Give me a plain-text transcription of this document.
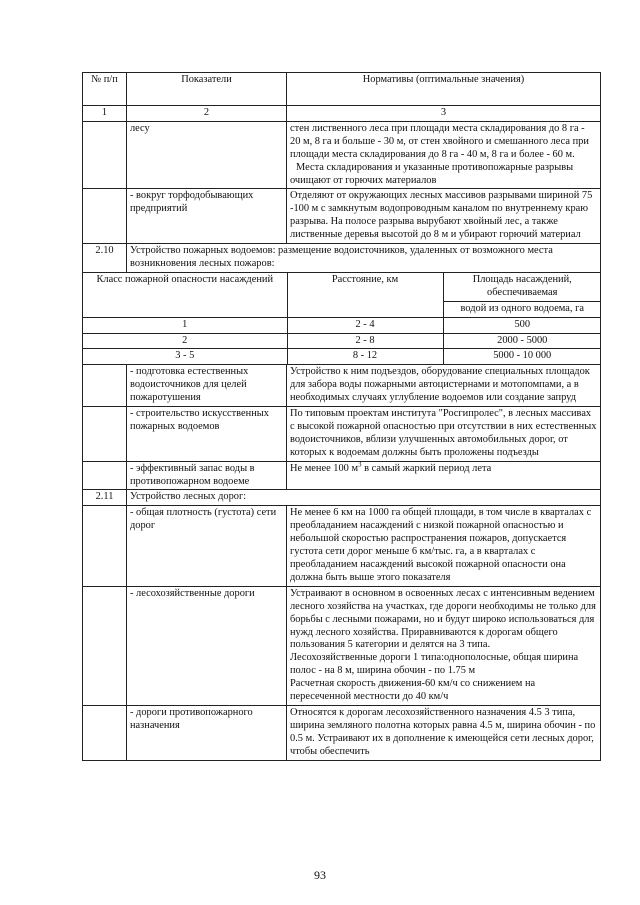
№ п/п	Показатели	Нормативы (оптимальные значения)
1	2	3
	лесу	стен лиственного леса при площади места складирования до 8 га - 20 м, 8 га и больше - 30 м, от стен хвойного и смешанного леса при площади места складирования до 8 га - 40 м, 8 га и более - 60 м.
Места складирования и указанные противопожарные разрывы очищают от горючих материалов

	- вокруг торфодобывающих предприятий	Отделяют от окружающих лесных массивов разрывами шириной 75 -100 м с замкнутым водопроводным каналом по внутреннему краю разрыва. На полосе разрыва вырубают хвойный лес, а также лиственные деревья высотой до 8 м и убирают горючий материал
2.10	Устройство пожарных водоемов: размещение водоисточников, удаленных от возможного места возникновения лесных пожаров:

Класс пожарной опасности насаждений	Расстояние, км	Площадь насаждений, обеспечиваемая
водой из одного водоема, га
1	2 - 4	500
2	2 - 8	2000 - 5000
3 - 5	8 - 12	5000 - 10 000

	- подготовка естественных водоисточников для целей пожаротушения	Устройство к ним подъездов, оборудование специальных площадок для забора воды пожарными автоцистернами и мотопомпами, а в необходимых случаях углубление водоемов или создание запруд
	- строительство искусственных пожарных водоемов	По типовым проектам института "Росгипролес", в лесных массивах с высокой пожарной опасностью при отсутствии в них естественных водоисточников, вблизи улучшенных автомобильных дорог, от которых к водоемам должны быть проложены подъезды
	- эффективный запас воды в противопожарном водоеме	Не менее 100 $м^3$ в самый жаркий период лета
2.11	Устройство лесных дорог:
	- общая плотность (густота) сети дорог	Не менее 6 км на 1000 га общей площади, в том числе в кварталах с преобладанием насаждений с низкой пожарной опасностью и небольшой скоростью распространения пожаров, допускается густота сети дорог меньше 6 км/тыс. га, а в кварталах с преобладанием насаждений высокой пожарной опасности она должна быть выше этого показателя
	- лесохозяйственные дороги	Устраивают в основном в освоенных лесах с интенсивным ведением лесного хозяйства на участках, где дороги необходимы не только для борьбы с лесными пожарами, но и будут широко использоваться для нужд лесного хозяйства. Приравниваются к дорогам общего пользования 5 категории и делятся на 3 типа.
Лесохозяйственные дороги 1 типа:однополосные, общая ширина полос - на 8 м, ширина обочин - по 1.75 м
Расчетная скорость движения-60 км/ч со снижением на пересеченной местности до 40 км/ч

	- дороги противопожарного назначения	Относятся к дорогам лесохозяйственного назначения 4.5 3 типа, ширина земляного полотна которых равна 4.5 м, ширина обочин - по 0.5 м. Устраивают их в дополнение к имеющейся сети лесных дорог, чтобы обеспечить
93
